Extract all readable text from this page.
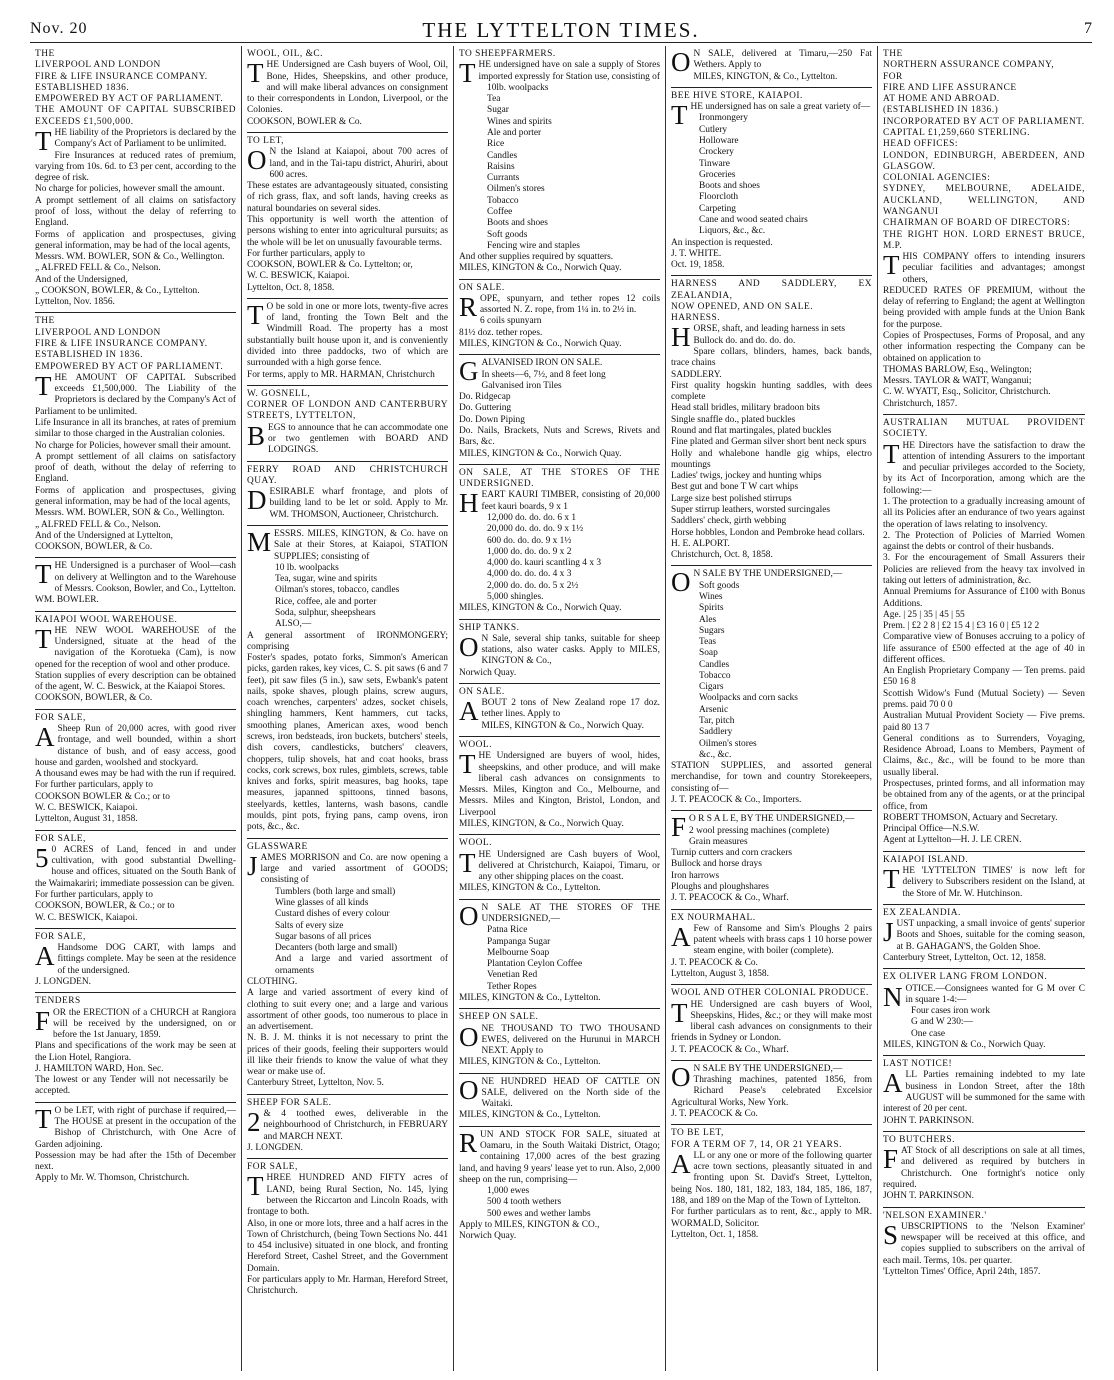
Nov. 20	THE LYTTELTON TIMES.	7

THE

LIVERPOOL AND LONDON

FIRE & LIFE INSURANCE COMPANY.

ESTABLISHED 1836.

EMPOWERED BY ACT OF PARLIAMENT.

THE AMOUNT OF CAPITAL SUBSCRIBED EXCEEDS £1,500,000.

THE liability of the Proprietors is declared by the Company's Act of Parliament to be unlimited.

Fire Insurances at reduced rates of premium, varying from 10s. 6d. to £3 per cent, according to the degree of risk.

No charge for policies, however small the amount.

A prompt settlement of all claims on satisfactory proof of loss, without the delay of referring to England.

Forms of application and prospectuses, giving general information, may be had of the local agents,

Messrs. WM. BOWLER, SON & Co., Wellington.

„ ALFRED FELL & Co., Nelson.

And of the Undersigned,

„ COOKSON, BOWLER, & Co., Lyttelton.

Lyttelton, Nov. 1856.

THE

LIVERPOOL AND LONDON

FIRE & LIFE INSURANCE COMPANY.

ESTABLISHED IN 1836.

EMPOWERED BY ACT OF PARLIAMENT.

THE AMOUNT OF CAPITAL Subscribed exceeds £1,500,000. The Liability of the Proprietors is declared by the Company's Act of Parliament to be unlimited.

Life Insurance in all its branches, at rates of premium similar to those charged in the Australian colonies.

No charge for Policies, however small their amount.

A prompt settlement of all claims on satisfactory proof of death, without the delay of referring to England.

Forms of application and prospectuses, giving general information, may be had of the local agents,

Messrs. WM. BOWLER, SON & Co., Wellington.

„ ALFRED FELL & Co., Nelson.

And of the Undersigned at Lyttelton,

COOKSON, BOWLER, & Co.

THE Undersigned is a purchaser of Wool—cash on delivery at Wellington and to the Warehouse of Messrs. Cookson, Bowler, and Co., Lyttelton.

WM. BOWLER.

KAIAPOI WOOL WAREHOUSE.

THE NEW WOOL WAREHOUSE of the Undersigned, situate at the head of the navigation of the Korotueka (Cam), is now opened for the reception of wool and other produce.

Station supplies of every description can be obtained of the agent, W. C. Beswick, at the Kaiapoi Stores.

COOKSON, BOWLER, & Co.

FOR SALE,

ASheep Run of 20,000 acres, with good river frontage, and well bounded, within a short distance of bush, and of easy access, good house and garden, woolshed and stockyard.

A thousand ewes may be had with the run if required. For further particulars, apply to

COOKSON BOWLER & Co.; or to

W. C. BESWICK, Kaiapoi.

Lyttelton, August 31, 1858.

FOR SALE,

50 ACRES of Land, fenced in and under cultivation, with good substantial Dwelling-house and offices, situated on the South Bank of the Waimakariri; immediate possession can be given.

For further particulars, apply to

COOKSON, BOWLER, & Co.; or to

W. C. BESWICK, Kaiapoi.

FOR SALE,

AHandsome DOG CART, with lamps and fittings complete. May be seen at the residence of the undersigned.

J. LONGDEN.

TENDERS

FOR the ERECTION of a CHURCH at Rangiora will be received by the undersigned, on or before the 1st January, 1859.

Plans and specifications of the work may be seen at the Lion Hotel, Rangiora.

J. HAMILTON WARD, Hon. Sec.

The lowest or any Tender will not necessarily be accepted.

TO be LET, with right of purchase if required,—The HOUSE at present in the occupation of the Bishop of Christchurch, with One Acre of Garden adjoining.

Possession may be had after the 15th of December next.

Apply to Mr. W. Thomson, Christchurch.

WOOL, OIL, &C.

THE Undersigned are Cash buyers of Wool, Oil, Bone, Hides, Sheepskins, and other produce, and will make liberal advances on consignment to their correspondents in London, Liverpool, or the Colonies.

COOKSON, BOWLER & Co.

TO LET,

ON the Island at Kaiapoi, about 700 acres of land, and in the Tai-tapu district, Ahuriri, about 600 acres.

These estates are advantageously situated, consisting of rich grass, flax, and soft lands, having creeks as natural boundaries on several sides.

This opportunity is well worth the attention of persons wishing to enter into agricultural pursuits; as the whole will be let on unusually favourable terms.

For further particulars, apply to

COOKSON, BOWLER & Co. Lyttelton; or,

W. C. BESWICK, Kaiapoi.

Lyttelton, Oct. 8, 1858.

TO be sold in one or more lots, twenty-five acres of land, fronting the Town Belt and the Windmill Road. The property has a most substantially built house upon it, and is conveniently divided into three paddocks, two of which are surrounded with a high gorse fence.

For terms, apply to MR. HARMAN, Christchurch

W. GOSNELL,

CORNER OF LONDON AND CANTERBURY STREETS, LYTTELTON,

BEGS to announce that he can accommodate one or two gentlemen with BOARD AND LODGINGS.

FERRY ROAD AND CHRISTCHURCH QUAY.

DESIRABLE wharf frontage, and plots of building land to be let or sold. Apply to Mr. WM. THOMSON, Auctioneer, Christchurch.

MESSRS. MILES, KINGTON, & Co. have on Sale at their Stores, at Kaiapoi, STATION SUPPLIES; consisting of

10 lb. woolpacks

Tea, sugar, wine and spirits

Oilman's stores, tobacco, candles

Rice, coffee, ale and porter

Soda, sulphur, sheepshears

ALSO,—

A general assortment of IRONMONGERY; comprising

Foster's spades, potato forks, Simmon's American picks, garden rakes, key vices, C. S. pit saws (6 and 7 feet), pit saw files (5 in.), saw sets, Ewbank's patent nails, spoke shaves, plough plains, screw augurs, coach wrenches, carpenters' adzes, socket chisels, shingling hammers, Kent hammers, cut tacks, smoothing planes, American axes, wood bench screws, iron bedsteads, iron buckets, butchers' steels, dish covers, candlesticks, butchers' cleavers, choppers, tulip shovels, hat and coat hooks, brass cocks, cork screws, box rules, gimblets, screws, table knives and forks, spirit measures, bag hooks, tape measures, japanned spittoons, tinned basons, steelyards, kettles, lanterns, wash basons, candle moulds, pint pots, frying pans, camp ovens, iron pots, &c., &c.

GLASSWARE

JAMES MORRISON and Co. are now opening a large and varied assortment of GOODS; consisting of

Tumblers (both large and small)

Wine glasses of all kinds

Custard dishes of every colour

Salts of every size

Sugar basons of all prices

Decanters (both large and small)

And a large and varied assortment of ornaments

CLOTHING.

A large and varied assortment of every kind of clothing to suit every one; and a large and various assortment of other goods, too numerous to place in an advertisement.

N. B. J. M. thinks it is not necessary to print the prices of their goods, feeling their supporters would ill like their friends to know the value of what they wear or make use of.

Canterbury Street, Lyttelton, Nov. 5.

SHEEP FOR SALE.

2& 4 toothed ewes, deliverable in the neighbourhood of Christchurch, in FEBRUARY and MARCH NEXT.

J. LONGDEN.

FOR SALE,

THREE HUNDRED AND FIFTY acres of LAND, being Rural Section, No. 145, lying between the Riccarton and Lincoln Roads, with frontage to both.

Also, in one or more lots, three and a half acres in the Town of Christchurch, (being Town Sections No. 441 to 454 inclusive) situated in one block, and fronting Hereford Street, Cashel Street, and the Government Domain.

For particulars apply to Mr. Harman, Hereford Street, Christchurch.

TO SHEEPFARMERS.

THE undersigned have on sale a supply of Stores imported expressly for Station use, consisting of

10lb. woolpacks

Tea

Sugar

Wines and spirits

Ale and porter

Rice

Candles

Raisins

Currants

Oilmen's stores

Tobacco

Coffee

Boots and shoes

Soft goods

Fencing wire and staples

And other supplies required by squatters.

MILES, KINGTON & Co., Norwich Quay.

ON SALE.

ROPE, spunyarn, and tether ropes 12 coils assorted N. Z. rope, from 1¼ in. to 2½ in.

6 coils spunyarn

81½ doz. tether ropes.

MILES, KINGTON & Co., Norwich Quay.

GALVANISED IRON ON SALE.

In sheets—6, 7½, and 8 feet long

Galvanised iron Tiles

Do. Ridgecap

Do. Guttering

Do. Down Piping

Do. Nails, Brackets, Nuts and Screws, Rivets and Bars, &c.

MILES, KINGTON & Co., Norwich Quay.

ON SALE, AT THE STORES OF THE UNDERSIGNED.

HEART KAURI TIMBER, consisting of 20,000 feet kauri boards, 9 x 1

12,000 do. do. do. 6 x 1

20,000 do. do. do. 9 x 1½

600 do. do. do. 9 x 1½

1,000 do. do. do. 9 x 2

4,000 do. kauri scantling 4 x 3

4,000 do. do. do. 4 x 3

2,000 do. do. do. 5 x 2½

5,000 shingles.

MILES, KINGTON & Co., Norwich Quay.

SHIP TANKS.

ON Sale, several ship tanks, suitable for sheep stations, also water casks. Apply to MILES, KINGTON & Co.,

Norwich Quay.

ON SALE.

ABOUT 2 tons of New Zealand rope 17 doz. tether lines. Apply to

MILES, KINGTON & Co., Norwich Quay.

WOOL.

THE Undersigned are buyers of wool, hides, sheepskins, and other produce, and will make liberal cash advances on consignments to Messrs. Miles, Kington and Co., Melbourne, and Messrs. Miles and Kington, Bristol, London, and Liverpool

MILES, KINGTON, & Co., Norwich Quay.

WOOL.

THE Undersigned are Cash buyers of Wool, delivered at Christchurch, Kaiapoi, Timaru, or any other shipping places on the coast.

MILES, KINGTON & Co., Lyttelton.

ON SALE AT THE STORES OF THE UNDERSIGNED,—

Patna Rice

Pampanga Sugar

Melbourne Soap

Plantation Ceylon Coffee

Venetian Red

Tether Ropes

MILES, KINGTON & Co., Lyttelton.

SHEEP ON SALE.

ONE THOUSAND TO TWO THOUSAND EWES, delivered on the Hurunui in MARCH NEXT. Apply to

MILES, KINGTON & Co., Lyttelton.

ONE HUNDRED HEAD OF CATTLE ON SALE, delivered on the North side of the Waitaki.

MILES, KINGTON & Co., Lyttelton.

RUN AND STOCK FOR SALE, situated at Oamaru, in the South Waitaki District, Otago; containing 17,000 acres of the best grazing land, and having 9 years' lease yet to run. Also, 2,000 sheep on the run, comprising—

1,000 ewes

500 4 tooth wethers

500 ewes and wether lambs

Apply to MILES, KINGTON & CO.,

Norwich Quay.

ON SALE, delivered at Timaru,—250 Fat Wethers. Apply to

MILES, KINGTON, & Co., Lyttelton.

BEE HIVE STORE, KAIAPOI.

THE undersigned has on sale a great variety of—

Ironmongery

Cutlery

Holloware

Crockery

Tinware

Groceries

Boots and shoes

Floorcloth

Carpeting

Cane and wood seated chairs

Liquors, &c., &c.

An inspection is requested.

J. T. WHITE.

Oct. 19, 1858.

HARNESS AND SADDLERY, EX ZEALANDIA,

NOW OPENED, AND ON SALE.

HARNESS.

HORSE, shaft, and leading harness in sets

Bullock do. and do. do. do.

Spare collars, blinders, hames, back bands, trace chains

SADDLERY.

First quality hogskin hunting saddles, with dees complete

Head stall bridles, military bradoon bits

Single snaffle do., plated buckles

Round and flat martingales, plated buckles

Fine plated and German silver short bent neck spurs

Holly and whalebone handle gig whips, electro mountings

Ladies' twigs, jockey and hunting whips

Best gut and bone T W cart whips

Large size best polished stirrups

Super stirrup leathers, worsted surcingales

Saddlers' check, girth webbing

Horse hobbles, London and Pembroke head collars.

H. E. ALPORT.

Christchurch, Oct. 8, 1858.

ON SALE BY THE UNDERSIGNED,—

Soft goods

Wines

Spirits

Ales

Sugars

Teas

Soap

Candles

Tobacco

Cigars

Woolpacks and corn sacks

Arsenic

Tar, pitch

Saddlery

Oilmen's stores

&c., &c.

STATION SUPPLIES, and assorted general merchandise, for town and country Storekeepers, consisting of—

J. T. PEACOCK & Co., Importers.

FO R S A L E, BY THE UNDERSIGNED,—

2 wool pressing machines (complete)

Grain measures

Turnip cutters and corn crackers

Bullock and horse drays

Iron harrows

Ploughs and ploughshares

J. T. PEACOCK & Co., Wharf.

EX NOURMAHAL.

AFew of Ransome and Sim's Ploughs 2 pairs patent wheels with brass caps 1 10 horse power steam engine, with boiler (complete).

J. T. PEACOCK & Co.

Lyttelton, August 3, 1858.

WOOL AND OTHER COLONIAL PRODUCE.

THE Undersigned are cash buyers of Wool, Sheepskins, Hides, &c.; or they will make most liberal cash advances on consignments to their friends in Sydney or London.

J. T. PEACOCK & Co., Wharf.

ON SALE BY THE UNDERSIGNED,—

Thrashing machines, patented 1856, from Richard Pease's celebrated Excelsior Agricultural Works, New York.

J. T. PEACOCK & Co.

TO BE LET,

FOR A TERM OF 7, 14, OR 21 YEARS.

ALL or any one or more of the following quarter acre town sections, pleasantly situated in and fronting upon St. David's Street, Lyttelton, being Nos. 180, 181, 182, 183, 184, 185, 186, 187, 188, and 189 on the Map of the Town of Lyttelton.

For further particulars as to rent, &c., apply to MR. WORMALD, Solicitor.

Lyttelton, Oct. 1, 1858.

THE

NORTHERN ASSURANCE COMPANY,

FOR

FIRE AND LIFE ASSURANCE

AT HOME AND ABROAD.

(ESTABLISHED IN 1836.)

INCORPORATED BY ACT OF PARLIAMENT.

CAPITAL £1,259,660 STERLING.

HEAD OFFICES:

LONDON, EDINBURGH, ABERDEEN, AND GLASGOW.

COLONIAL AGENCIES:

SYDNEY, MELBOURNE, ADELAIDE, AUCKLAND, WELLINGTON, AND WANGANUI

CHAIRMAN OF BOARD OF DIRECTORS:

THE RIGHT HON. LORD ERNEST BRUCE, M.P.

THIS COMPANY offers to intending insurers peculiar facilities and advantages; amongst others,

REDUCED RATES OF PREMIUM, without the delay of referring to England; the agent at Wellington being provided with ample funds at the Union Bank for the purpose.

Copies of Prospectuses, Forms of Proposal, and any other information respecting the Company can be obtained on application to

THOMAS BARLOW, Esq., Welington;

Messrs. TAYLOR & WATT, Wanganui;

C. W. WYATT, Esq., Solicitor, Christchurch.

Christchurch, 1857.

AUSTRALIAN MUTUAL PROVIDENT SOCIETY.

THE Directors have the satisfaction to draw the attention of intending Assurers to the important and peculiar privileges accorded to the Society, by its Act of Incorporation, among which are the following:—

1. The protection to a gradually increasing amount of all its Policies after an endurance of two years against the operation of laws relating to insolvency.

2. The Protection of Policies of Married Women against the debts or control of their husbands.

3. For the encouragement of Small Assurers their Policies are relieved from the heavy tax involved in taking out letters of administration, &c.

Annual Premiums for Assurance of £100 with Bonus Additions.

Age. | 25 | 35 | 45 | 55

Prem. | £2 2 8 | £2 15 4 | £3 16 0 | £5 12 2

Comparative view of Bonuses accruing to a policy of life assurance of £500 effected at the age of 40 in different offices.

An English Proprietary Company — Ten prems. paid £50 16 8

Scottish Widow's Fund (Mutual Society) — Seven prems. paid 70 0 0

Australian Mutual Provident Society — Five prems. paid 80 13 7

General conditions as to Surrenders, Voyaging, Residence Abroad, Loans to Members, Payment of Claims, &c., &c., will be found to be more than usually liberal.

Prospectuses, printed forms, and all information may be obtained from any of the agents, or at the principal office, from

ROBERT THOMSON, Actuary and Secretary.

Principal Office—N.S.W.

Agent at Lyttelton—H. J. LE CREN.

KAIAPOI ISLAND.

THE 'LYTTELTON TIMES' is now left for delivery to Subscribers resident on the Island, at the Store of Mr. W. Hutchinson.

EX ZEALANDIA.

JUST unpacking, a small invoice of gents' superior Boots and Shoes, suitable for the coming season, at B. GAHAGAN'S, the Golden Shoe.

Canterbury Street, Lyttelton, Oct. 12, 1858.

EX OLIVER LANG FROM LONDON.

NOTICE.—Consignees wanted for G M over C in square 1-4:—

Four cases iron work

G and W 230:—

One case

MILES, KINGTON & Co., Norwich Quay.

LAST NOTICE!

ALL Parties remaining indebted to my late business in London Street, after the 18th AUGUST will be summoned for the same with interest of 20 per cent.

JOHN T. PARKINSON.

TO BUTCHERS.

FAT Stock of all descriptions on sale at all times, and delivered as required by butchers in Christchurch. One fortnight's notice only required.

JOHN T. PARKINSON.

'NELSON EXAMINER.'

SUBSCRIPTIONS to the 'Nelson Examiner' newspaper will be received at this office, and copies supplied to subscribers on the arrival of each mail. Terms, 10s. per quarter.

'Lyttelton Times' Office, April 24th, 1857.
